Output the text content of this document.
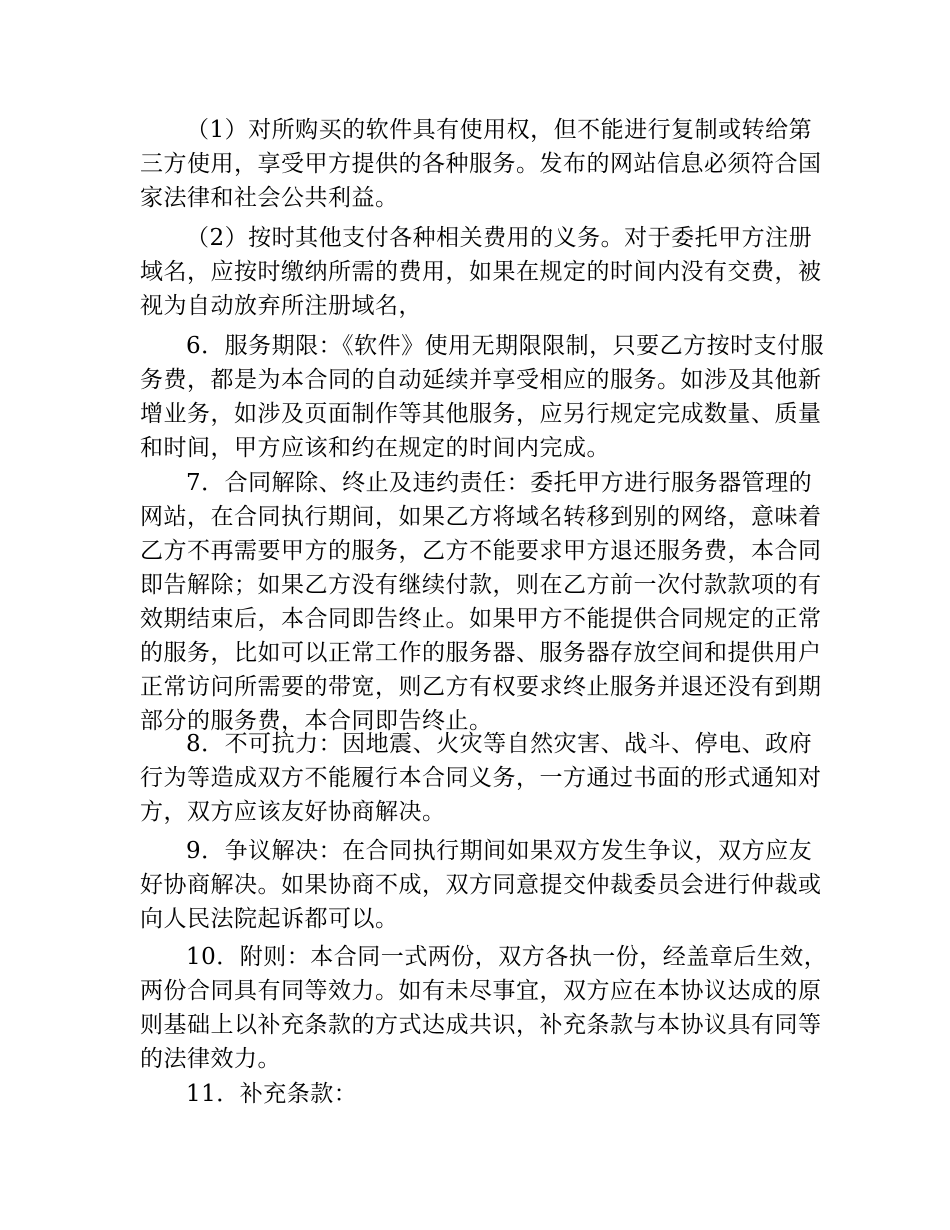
（1）对所购买的软件具有使用权，但不能进行复制或转给第三方使用，享受甲方提供的各种服务。发布的网站信息必须符合国家法律和社会公共利益。

（2）按时其他支付各种相关费用的义务。对于委托甲方注册域名，应按时缴纳所需的费用，如果在规定的时间内没有交费，被视为自动放弃所注册域名，

6．服务期限：《软件》使用无期限限制，只要乙方按时支付服务费，都是为本合同的自动延续并享受相应的服务。如涉及其他新增业务，如涉及页面制作等其他服务，应另行规定完成数量、质量和时间，甲方应该和约在规定的时间内完成。

7．合同解除、终止及违约责任：委托甲方进行服务器管理的网站，在合同执行期间，如果乙方将域名转移到别的网络，意味着乙方不再需要甲方的服务，乙方不能要求甲方退还服务费，本合同即告解除；如果乙方没有继续付款，则在乙方前一次付款款项的有效期结束后，本合同即告终止。如果甲方不能提供合同规定的正常的服务，比如可以正常工作的服务器、服务器存放空间和提供用户正常访问所需要的带宽，则乙方有权要求终止服务并退还没有到期部分的服务费，本合同即告终止。

8．不可抗力：因地震、火灾等自然灾害、战斗、停电、政府行为等造成双方不能履行本合同义务，一方通过书面的形式通知对方，双方应该友好协商解决。

9．争议解决：在合同执行期间如果双方发生争议，双方应友好协商解决。如果协商不成，双方同意提交仲裁委员会进行仲裁或向人民法院起诉都可以。

10．附则：本合同一式两份，双方各执一份，经盖章后生效，两份合同具有同等效力。如有未尽事宜，双方应在本协议达成的原则基础上以补充条款的方式达成共识，补充条款与本协议具有同等的法律效力。

11．补充条款：
